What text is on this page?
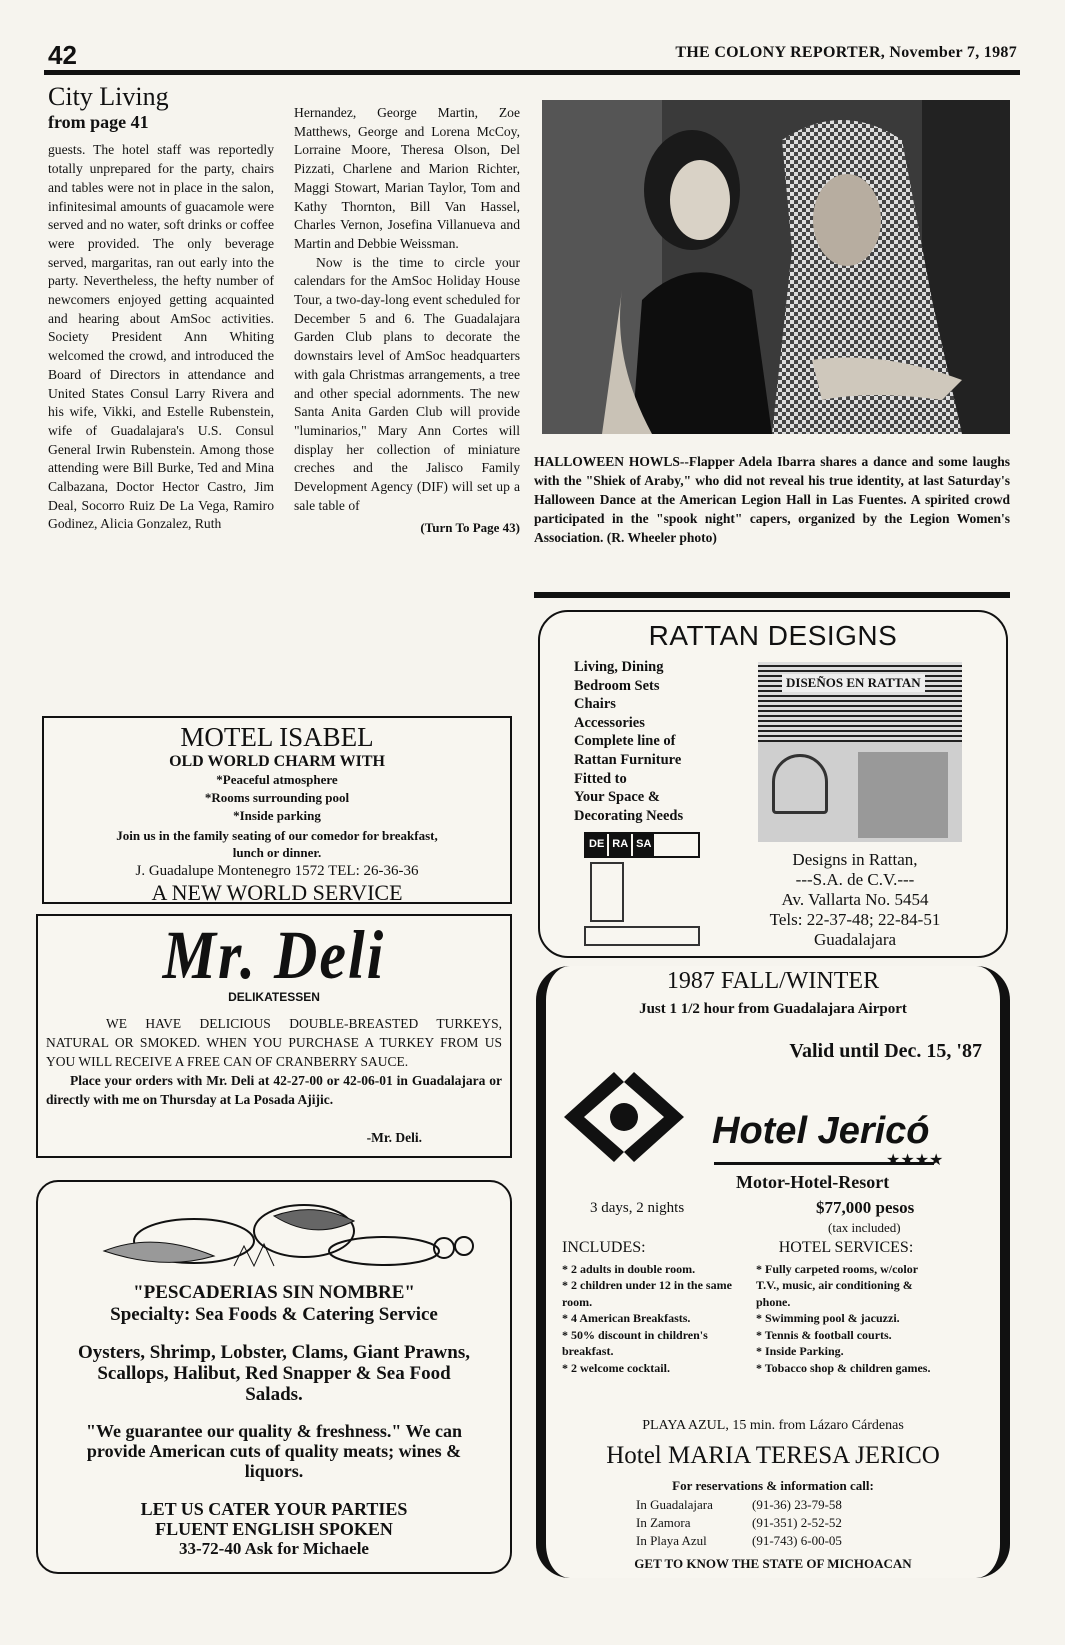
42	THE COLONY REPORTER, November 7, 1987
City Living
from page 41

guests. The hotel staff was reportedly totally unprepared for the party, chairs and tables were not in place in the salon, infinitesimal amounts of guacamole were served and no water, soft drinks or coffee were provided. The only beverage served, margaritas, ran out early into the party. Nevertheless, the hefty number of newcomers enjoyed getting acquainted and hearing about AmSoc activities. Society President Ann Whiting welcomed the crowd, and introduced the Board of Directors in attendance and United States Consul Larry Rivera and his wife, Vikki, and Estelle Rubenstein, wife of Guadalajara's U.S. Consul General Irwin Rubenstein. Among those attending were Bill Burke, Ted and Mina Calbazana, Doctor Hector Castro, Jim Deal, Socorro Ruiz De La Vega, Ramiro Godinez, Alicia Gonzalez, Ruth

Hernandez, George Martin, Zoe Matthews, George and Lorena McCoy, Lorraine Moore, Theresa Olson, Del Pizzati, Charlene and Marion Richter, Maggi Stowart, Marian Taylor, Tom and Kathy Thornton, Bill Van Hassel, Charles Vernon, Josefina Villanueva and Martin and Debbie Weissman.

Now is the time to circle your calendars for the AmSoc Holiday House Tour, a two-day-long event scheduled for December 5 and 6. The Guadalajara Garden Club plans to decorate the downstairs level of AmSoc headquarters with gala Christmas arrangements, a tree and other special adornments. The new Santa Anita Garden Club will provide "luminarios," Mary Ann Cortes will display her collection of miniature creches and the Jalisco Family Development Agency (DIF) will set up a sale table of

(Turn To Page 43)
HALLOWEEN HOWLS--Flapper Adela Ibarra shares a dance and some laughs with the "Shiek of Araby," who did not reveal his true identity, at last Saturday's Halloween Dance at the American Legion Hall in Las Fuentes. A spirited crowd participated in the "spook night" capers, organized by the Legion Women's Association. (R. Wheeler photo)
MOTEL ISABEL
OLD WORLD CHARM WITH
*Peaceful atmosphere
*Rooms surrounding pool
*Inside parking
Join us in the family seating of our comedor for breakfast, lunch or dinner.
J. Guadalupe Montenegro 1572 TEL: 26-36-36
A NEW WORLD SERVICE
Mr. Deli
DELIKATESSEN
WE HAVE DELICIOUS DOUBLE-BREASTED TURKEYS, NATURAL OR SMOKED. WHEN YOU PURCHASE A TURKEY FROM US YOU WILL RECEIVE A FREE CAN OF CRANBERRY SAUCE.
Place your orders with Mr. Deli at 42-27-00 or 42-06-01 in Guadalajara or directly with me on Thursday at La Posada Ajijic.
-Mr. Deli.
"PESCADERIAS SIN NOMBRE"
Specialty: Sea Foods & Catering Service
Oysters, Shrimp, Lobster, Clams, Giant Prawns, Scallops, Halibut, Red Snapper & Sea Food Salads.
"We guarantee our quality & freshness." We can provide American cuts of quality meats; wines & liquors.
LET US CATER YOUR PARTIES
FLUENT ENGLISH SPOKEN
33-72-40 Ask for Michaele
RATTAN DESIGNS
Living, Dining
Bedroom Sets
Chairs
Accessories
Complete line of
Rattan Furniture
Fitted to
Your Space &
Decorating Needs
DISEÑOS EN RATTAN
DE RA SA
Designs in Rattan,
---S.A. de C.V.---
Av. Vallarta No. 5454
Tels: 22-37-48; 22-84-51
Guadalajara
1987 FALL/WINTER
Just 1 1/2 hour from Guadalajara Airport
Valid until Dec. 15, '87
Hotel Jericó
★★★★
Motor-Hotel-Resort
3 days, 2 nights	$77,000 pesos
(tax included)
INCLUDES:
* 2 adults in double room.
* 2 children under 12 in the same room.
* 4 American Breakfasts.
* 50% discount in children's breakfast.
* 2 welcome cocktail.
HOTEL SERVICES:
* Fully carpeted rooms, w/color T.V., music, air conditioning & phone.
* Swimming pool & jacuzzi.
* Tennis & football courts.
* Inside Parking.
* Tobacco shop & children games.
PLAYA AZUL, 15 min. from Lázaro Cárdenas
Hotel MARIA TERESA JERICO
For reservations & information call:
In Guadalajara	(91-36) 23-79-58
In Zamora	(91-351) 2-52-52
In Playa Azul	(91-743) 6-00-05
GET TO KNOW THE STATE OF MICHOACAN
